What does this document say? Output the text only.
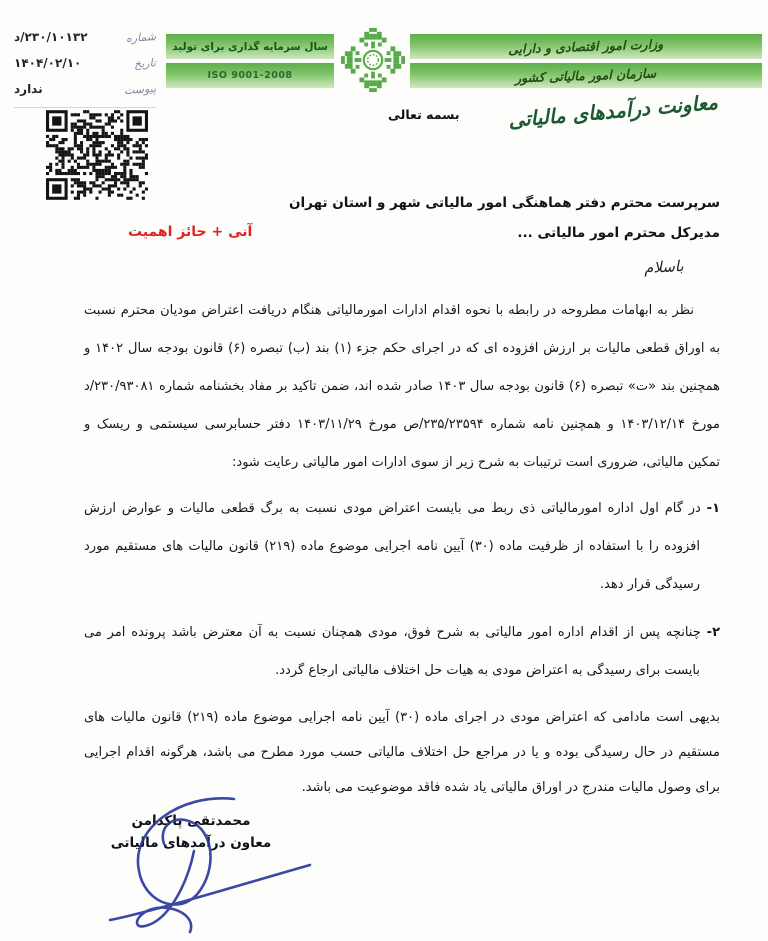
شماره
۲۳۰/۱۰۱۳۲/د
تاریخ
۱۴۰۴/۰۲/۱۰
پیوست
ندارد
سال سرمایه گذاری برای تولید
ISO 9001-2008
وزارت امور اقتصادی و دارایی
سازمان امور مالیاتی کشور
معاونت درآمدهای مالیاتی
بسمه تعالی
سرپرست محترم دفتر هماهنگی امور مالیاتی شهر و استان تهران
مدیرکل محترم امور مالیاتی ...
آنی + حائز اهمیت
باسلام

نظر به ابهامات مطروحه در رابطه با نحوه اقدام ادارات امورمالیاتی هنگام دریافت اعتراض مودیان محترم نسبت به اوراق قطعی مالیات بر ارزش افزوده ای که در اجرای حکم جزء (۱) بند (ب) تبصره (۶) قانون بودجه سال ۱۴۰۲ و همچنین بند «ت» تبصره (۶) قانون بودجه سال ۱۴۰۳ صادر شده اند، ضمن تاکید بر مفاد بخشنامه شماره ۲۳۰/۹۳۰۸۱/د مورخ ۱۴۰۳/۱۲/۱۴ و همچنین نامه شماره ۲۳۵/۲۳۵۹۴/ص مورخ ۱۴۰۳/۱۱/۲۹ دفتر حسابرسی سیستمی و ریسک و تمکین مالیاتی، ضروری است ترتیبات به شرح زیر از سوی ادارات امور مالیاتی رعایت شود:

۱- در گام اول اداره امورمالیاتی ذی ربط می بایست اعتراض مودی نسبت به برگ قطعی مالیات و عوارض ارزش افزوده را با استفاده از ظرفیت ماده (۳۰) آیین نامه اجرایی موضوع ماده (۲۱۹) قانون مالیات های مستقیم مورد رسیدگی قرار دهد.
۲- چنانچه پس از اقدام اداره امور مالیاتی به شرح فوق، مودی همچنان نسبت به آن معترض باشد پرونده امر می بایست برای رسیدگی به اعتراض مودی به هیات حل اختلاف مالیاتی ارجاع گردد.

بدیهی است مادامی که اعتراض مودی در اجرای ماده (۳۰) آیین نامه اجرایی موضوع ماده (۲۱۹) قانون مالیات های مستقیم در حال رسیدگی بوده و یا در مراجع حل اختلاف مالیاتی حسب مورد مطرح می باشد، هرگونه اقدام اجرایی برای وصول مالیات مندرج در اوراق مالیاتی یاد شده فاقد موضوعیت می باشد.

محمدتقی پاکدامن
معاون درآمدهای مالیاتی
